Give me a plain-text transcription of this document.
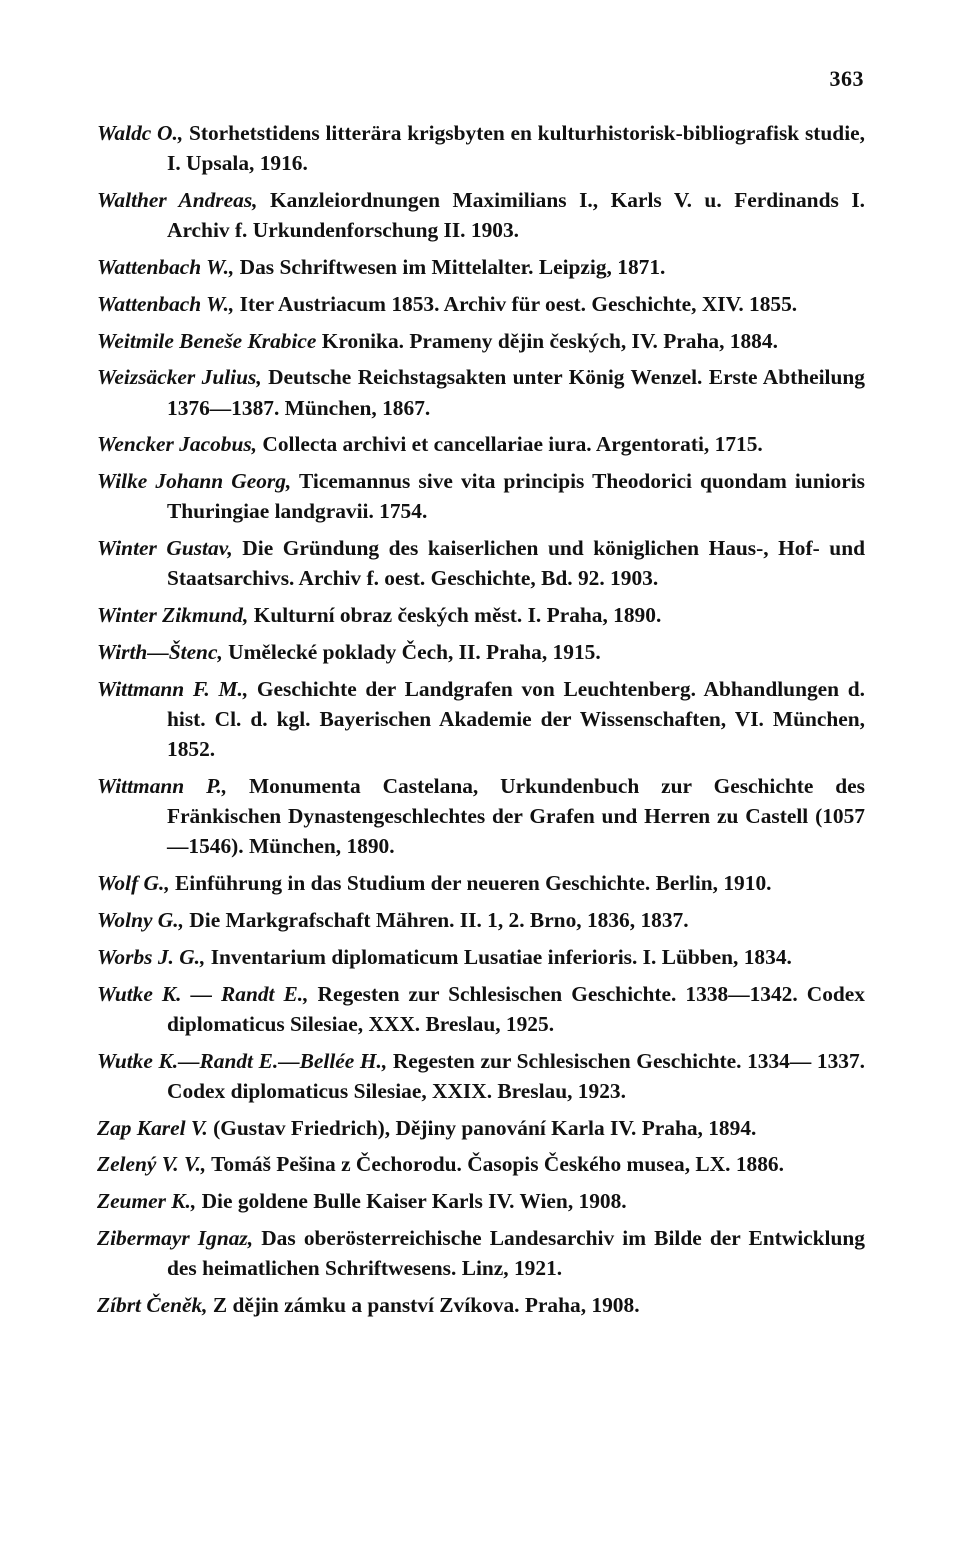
363
Waldc O., Storhetstidens litterära krigsbyten en kulturhistorisk-bibliografisk studie, I. Upsala, 1916.
Walther Andreas, Kanzleiordnungen Maximilians I., Karls V. u. Ferdinands I. Archiv f. Urkundenforschung II. 1903.
Wattenbach W., Das Schriftwesen im Mittelalter. Leipzig, 1871.
Wattenbach W., Iter Austriacum 1853. Archiv für oest. Geschichte, XIV. 1855.
Weitmile Beneše Krabice Kronika. Prameny dějin českých, IV. Praha, 1884.
Weizsäcker Julius, Deutsche Reichstagsakten unter König Wenzel. Erste Abtheilung 1376—1387. München, 1867.
Wencker Jacobus, Collecta archivi et cancellariae iura. Argentorati, 1715.
Wilke Johann Georg, Ticemannus sive vita principis Theodorici quondam iunioris Thuringiae landgravii. 1754.
Winter Gustav, Die Gründung des kaiserlichen und königlichen Haus-, Hof- und Staatsarchivs. Archiv f. oest. Geschichte, Bd. 92. 1903.
Winter Zikmund, Kulturní obraz českých měst. I. Praha, 1890.
Wirth—Štenc, Umělecké poklady Čech, II. Praha, 1915.
Wittmann F. M., Geschichte der Landgrafen von Leuchtenberg. Abhandlungen d. hist. Cl. d. kgl. Bayerischen Akademie der Wissenschaften, VI. München, 1852.
Wittmann P., Monumenta Castelana, Urkundenbuch zur Geschichte des Fränkischen Dynastengeschlechtes der Grafen und Herren zu Castell (1057—1546). München, 1890.
Wolf G., Einführung in das Studium der neueren Geschichte. Berlin, 1910.
Wolny G., Die Markgrafschaft Mähren. II. 1, 2. Brno, 1836, 1837.
Worbs J. G., Inventarium diplomaticum Lusatiae inferioris. I. Lübben, 1834.
Wutke K. — Randt E., Regesten zur Schlesischen Geschichte. 1338—1342. Codex diplomaticus Silesiae, XXX. Breslau, 1925.
Wutke K.—Randt E.—Bellée H., Regesten zur Schlesischen Geschichte. 1334— 1337. Codex diplomaticus Silesiae, XXIX. Breslau, 1923.
Zap Karel V. (Gustav Friedrich), Dějiny panování Karla IV. Praha, 1894.
Zelený V. V., Tomáš Pešina z Čechorodu. Časopis Českého musea, LX. 1886.
Zeumer K., Die goldene Bulle Kaiser Karls IV. Wien, 1908.
Zibermayr Ignaz, Das oberösterreichische Landesarchiv im Bilde der Entwicklung des heimatlichen Schriftwesens. Linz, 1921.
Zíbrt Čeněk, Z dějin zámku a panství Zvíkova. Praha, 1908.
